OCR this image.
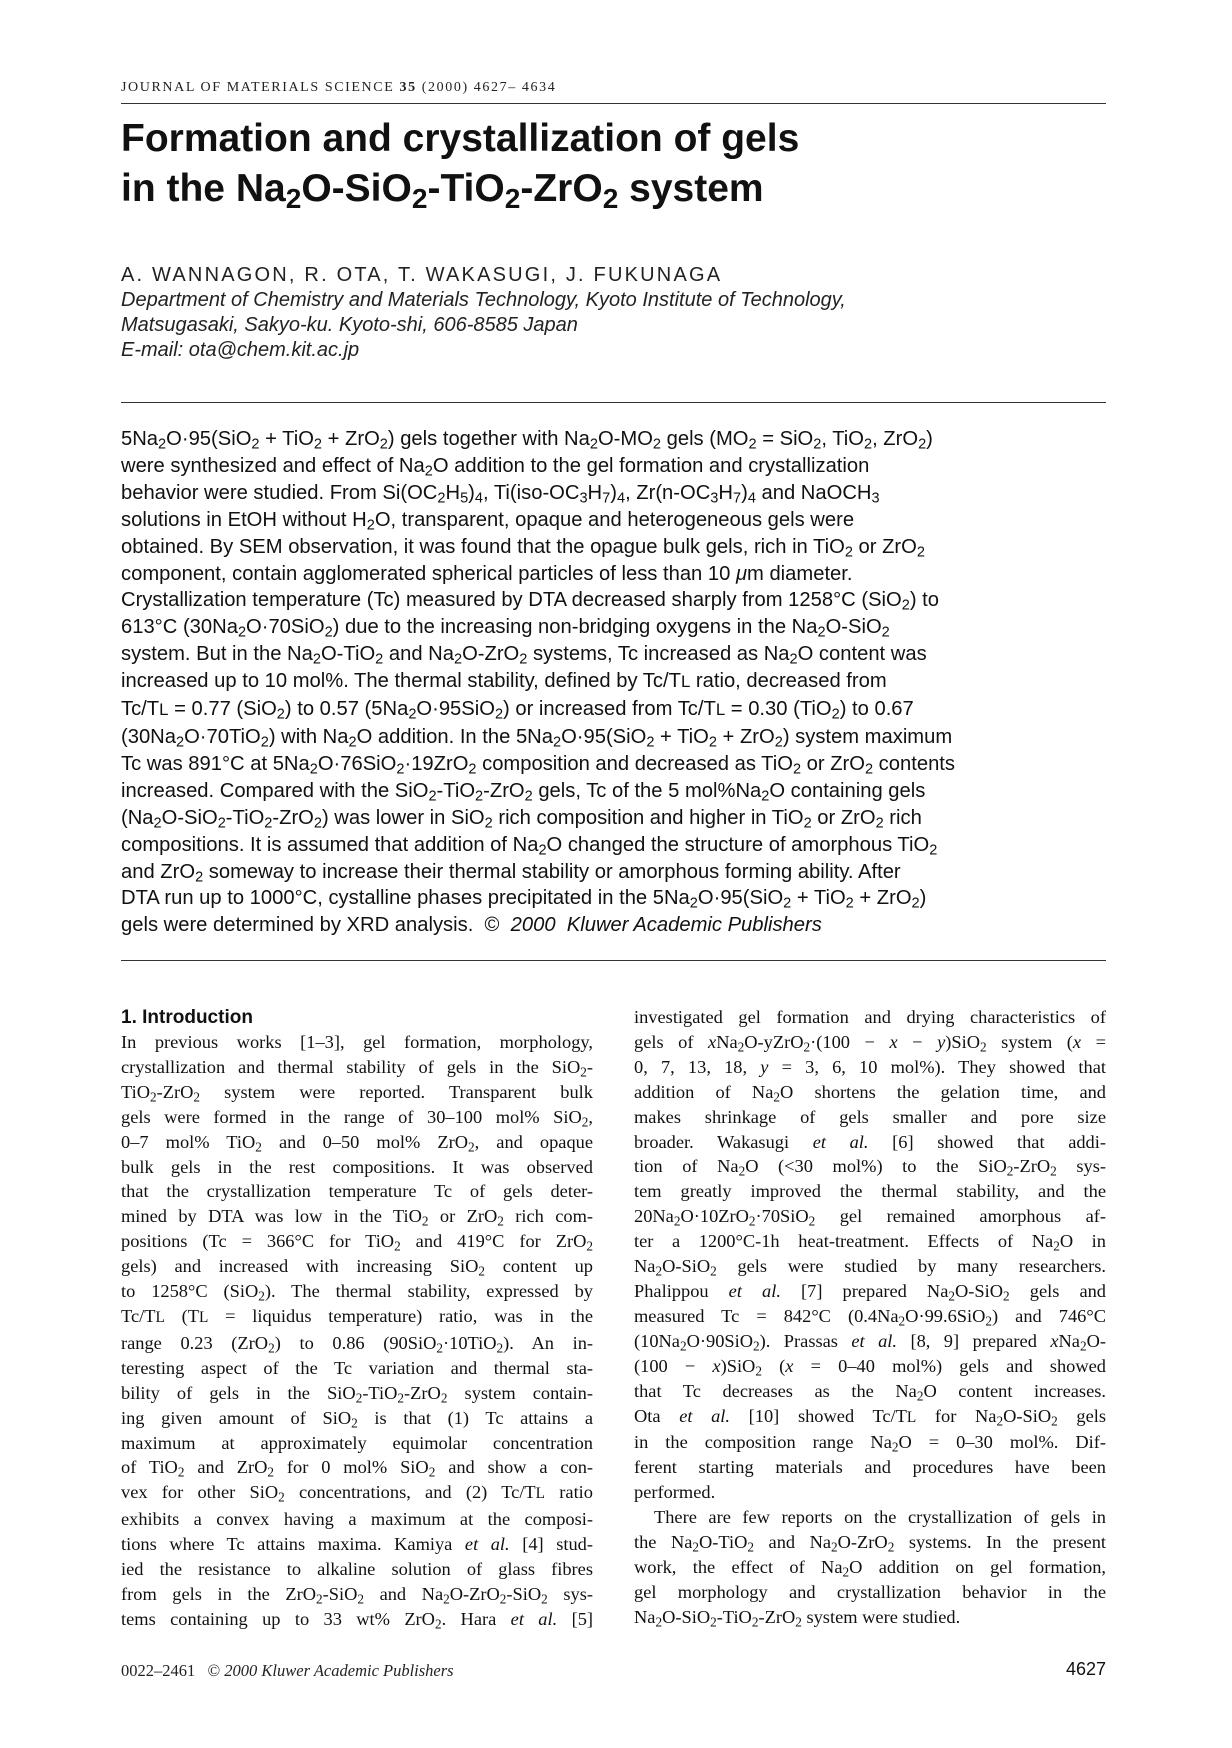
JOURNAL OF MATERIALS SCIENCE 35 (2000) 4627– 4634
Formation and crystallization of gels
in the $Na_2O-SiO_2-TiO_2-ZrO_2$ system
A. WANNAGON, R. OTA, T. WAKASUGI, J. FUKUNAGA
Department of Chemistry and Materials Technology, Kyoto Institute of Technology,
Matsugasaki, Sakyo-ku. Kyoto-shi, 606-8585 Japan
E-mail: ota@chem.kit.ac.jp
$5Na_2O\cdot 95(SiO_2 + TiO_2 + ZrO_2)$ gels together with $Na_2O-MO_2$ gels ($MO_2 = SiO_2$, TiO$_2$, ZrO$_2$)
were synthesized and effect of $Na_2O$ addition to the gel formation and crystallization
behavior were studied. From $Si(OC_2H_5)_4$, $Ti(iso-OC_3H_7)_4$, $Zr(n-OC_3H_7)_4$ and NaOCH$_3$
solutions in EtOH without $H_2O$, transparent, opaque and heterogeneous gels were
obtained. By SEM observation, it was found that the opague bulk gels, rich in TiO$_2$ or ZrO$_2$
component, contain agglomerated spherical particles of less than 10 μm diameter.
Crystallization temperature (Tc) measured by DTA decreased sharply from 1258°C (SiO$_2$) to
613°C $(30Na_2O\cdot 70SiO_2)$ due to the increasing non-bridging oxygens in the $Na_2O-SiO_2$
system. But in the $Na_2O-TiO_2$ and $Na_2O-ZrO_2$ systems, Tc increased as $Na_2O$ content was
increased up to 10 mol%. The thermal stability, defined by Tc/TL ratio, decreased from
Tc/TL = 0.77 (SiO$_2$) to 0.57 $(5Na_2O\cdot 95SiO_2)$ or increased from Tc/TL = 0.30 (TiO$_2$) to 0.67
$(30Na_2O\cdot 70TiO_2)$ with $Na_2O$ addition. In the $5Na_2O\cdot 95(SiO_2 + TiO_2 + ZrO_2)$ system maximum
Tc was 891°C at $5Na_2O\cdot 76SiO_2\cdot 19ZrO_2$ composition and decreased as TiO$_2$ or ZrO$_2$ contents
increased. Compared with the SiO$_2$-TiO$_2$-ZrO$_2$ gels, Tc of the 5 $mol\%Na_2O$ containing gels
$(Na_2O-SiO_2-TiO_2-ZrO_2)$ was lower in SiO$_2$ rich composition and higher in TiO$_2$ or ZrO$_2$ rich
compositions. It is assumed that addition of $Na_2O$ changed the structure of amorphous TiO$_2$
and ZrO$_2$ someway to increase their thermal stability or amorphous forming ability. After
DTA run up to 1000°C, cystalline phases precipitated in the $5Na_2O\cdot 95(SiO_2 + TiO_2 + ZrO_2)$
gels were determined by XRD analysis.  © 2000  Kluwer Academic Publishers
1. Introduction
In previous works [1–3], gel formation, morphology,
crystallization and thermal stability of gels in the SiO$_2$-
TiO$_2$-ZrO$_2$ system were reported. Transparent bulk
gels were formed in the range of 30–100 mol% SiO$_2$,
0–7 mol% TiO$_2$ and 0–50 mol% ZrO$_2$, and opaque
bulk gels in the rest compositions. It was observed
that the crystallization temperature Tc of gels deter-
mined by DTA was low in the TiO$_2$ or ZrO$_2$ rich com-
positions (Tc = 366°C for TiO$_2$ and 419°C for ZrO$_2$
gels) and increased with increasing SiO$_2$ content up
to 1258°C (SiO$_2$). The thermal stability, expressed by
Tc/TL (TL = liquidus temperature) ratio, was in the
range 0.23 (ZrO$_2$) to 0.86 (90SiO$_2$·10TiO$_2$). An in-
teresting aspect of the Tc variation and thermal sta-
bility of gels in the SiO$_2$-TiO$_2$-ZrO$_2$ system contain-
ing given amount of SiO$_2$ is that (1) Tc attains a
maximum at approximately equimolar concentration
of TiO$_2$ and ZrO$_2$ for 0 mol% SiO$_2$ and show a con-
vex for other SiO$_2$ concentrations, and (2) Tc/TL ratio
exhibits a convex having a maximum at the composi-
tions where Tc attains maxima. Kamiya et al. [4] stud-
ied the resistance to alkaline solution of glass fibres
from gels in the ZrO$_2$-SiO$_2$ and $Na_2O-ZrO_2-SiO_2$ sys-
tems containing up to 33 wt% ZrO$_2$. Hara et al. [5]
investigated gel formation and drying characteristics of
gels of xNa$_2$O-yZrO$_2$·(100 − x − y)SiO$_2$ system (x =
0, 7, 13, 18, y = 3, 6, 10 mol%). They showed that
addition of $Na_2O$ shortens the gelation time, and
makes shrinkage of gels smaller and pore size
broader. Wakasugi et al. [6] showed that addi-
tion of $Na_2O$ (<30 mol%) to the SiO$_2$-ZrO$_2$ sys-
tem greatly improved the thermal stability, and the
$20Na_2O\cdot 10ZrO_2\cdot 70SiO_2$ gel remained amorphous af-
ter a 1200°C-1h heat-treatment. Effects of $Na_2O$ in
$Na_2O-SiO_2$ gels were studied by many researchers.
Phalippou et al. [7] prepared $Na_2O-SiO_2$ gels and
measured Tc = 842°C $(0.4Na_2O\cdot 99.6SiO_2)$ and 746°C
$(10Na_2O\cdot 90SiO_2)$. Prassas et al. [8, 9] prepared xNa$_2$O-
(100 − x)SiO$_2$ (x = 0–40 mol%) gels and showed
that Tc decreases as the $Na_2O$ content increases.
Ota et al. [10] showed Tc/TL for $Na_2O-SiO_2$ gels
in the composition range $Na_2O = 0-30$ mol%. Dif-
ferent starting materials and procedures have been
performed.
There are few reports on the crystallization of gels in
the $Na_2O-TiO_2$ and $Na_2O-ZrO_2$ systems. In the present
work, the effect of $Na_2O$ addition on gel formation,
gel morphology and crystallization behavior in the
$Na_2O-SiO_2-TiO_2-ZrO_2$ system were studied.
0022–2461 © 2000 Kluwer Academic Publishers	4627
